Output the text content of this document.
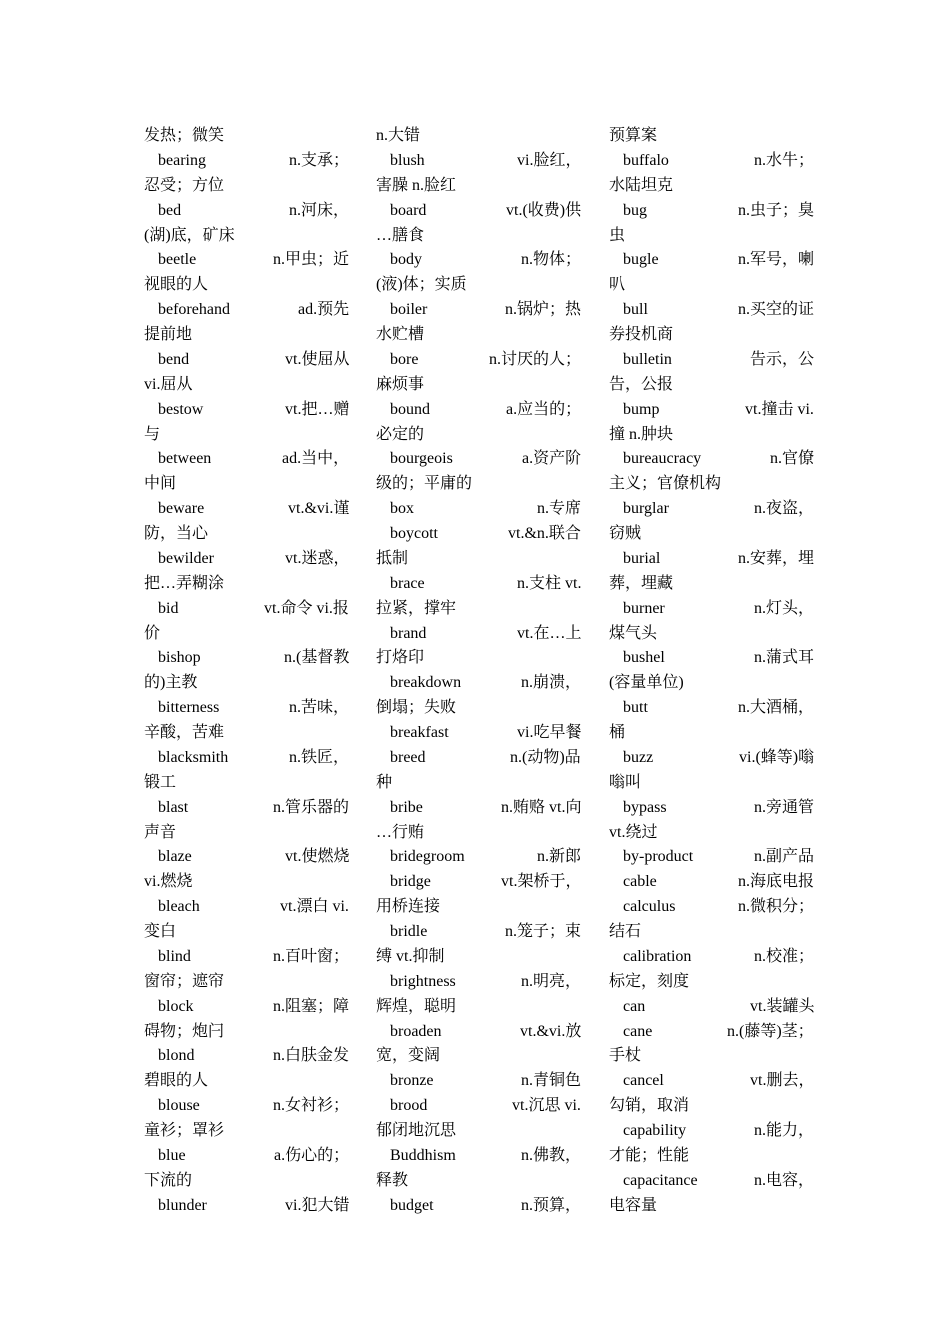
发热；微笑
bearing	n.支承；
忍受；方位
bed	n.河床，
(湖)底，矿床
beetle	n.甲虫；近
视眼的人
beforehand	ad.预先
提前地
bend	vt.使屈从
vi.屈从
bestow	vt.把…赠
与
between	ad.当中，
中间
beware	vt.&vi.谨
防，当心
bewilder	vt.迷惑，
把…弄糊涂
bid	vt.命令 vi.报
价
bishop	n.(基督教
的)主教
bitterness	n.苦味，
辛酸，苦难
blacksmith	n.铁匠，
锻工
blast	n.管乐器的
声音
blaze	vt.使燃烧
vi.燃烧
bleach	vt.漂白 vi.
变白
blind	n.百叶窗；
窗帘；遮帘
block	n.阻塞；障
碍物；炮闩
blond	n.白肤金发
碧眼的人
blouse	n.女衬衫；
童衫；罩衫
blue	a.伤心的；
下流的
blunder	vi.犯大错
n.大错
blush	vi.脸红，
害臊 n.脸红
board	vt.(收费)供
…膳食
body	n.物体；
(液)体；实质
boiler	n.锅炉；热
水贮槽
bore	n.讨厌的人；
麻烦事
bound	a.应当的；
必定的
bourgeois	a.资产阶
级的；平庸的
box	n.专席
boycott	vt.&n.联合
抵制
brace	n.支柱 vt.
拉紧，撑牢
brand	vt.在…上
打烙印
breakdown	n.崩溃，
倒塌；失败
breakfast	vi.吃早餐
breed	n.(动物)品
种
bribe	n.贿赂 vt.向
…行贿
bridegroom	n.新郎
bridge	vt.架桥于，
用桥连接
bridle	n.笼子；束
缚 vt.抑制
brightness	n.明亮，
辉煌，聪明
broaden	vt.&vi.放
宽，变阔
bronze	n.青铜色
brood	vt.沉思 vi.
郁闭地沉思
Buddhism	n.佛教，
释教
budget	n.预算，
预算案
buffalo	n.水牛；
水陆坦克
bug	n.虫子；臭
虫
bugle	n.军号，喇
叭
bull	n.买空的证
券投机商
bulletin	告示，公
告，公报
bump	vt.撞击 vi.
撞 n.肿块
bureaucracy	n.官僚
主义；官僚机构
burglar	n.夜盗，
窃贼
burial	n.安葬，埋
葬，埋藏
burner	n.灯头，
煤气头
bushel	n.蒲式耳
(容量单位)
butt	n.大酒桶，
桶
buzz	vi.(蜂等)嗡
嗡叫
bypass	n.旁通管
vt.绕过
by-product	n.副产品
cable	n.海底电报
calculus	n.微积分；
结石
calibration	n.校准；
标定，刻度
can	vt.装罐头
cane	n.(藤等)茎；
手杖
cancel	vt.删去，
勾销，取消
capability	n.能力，
才能；性能
capacitance	n.电容，
电容量
